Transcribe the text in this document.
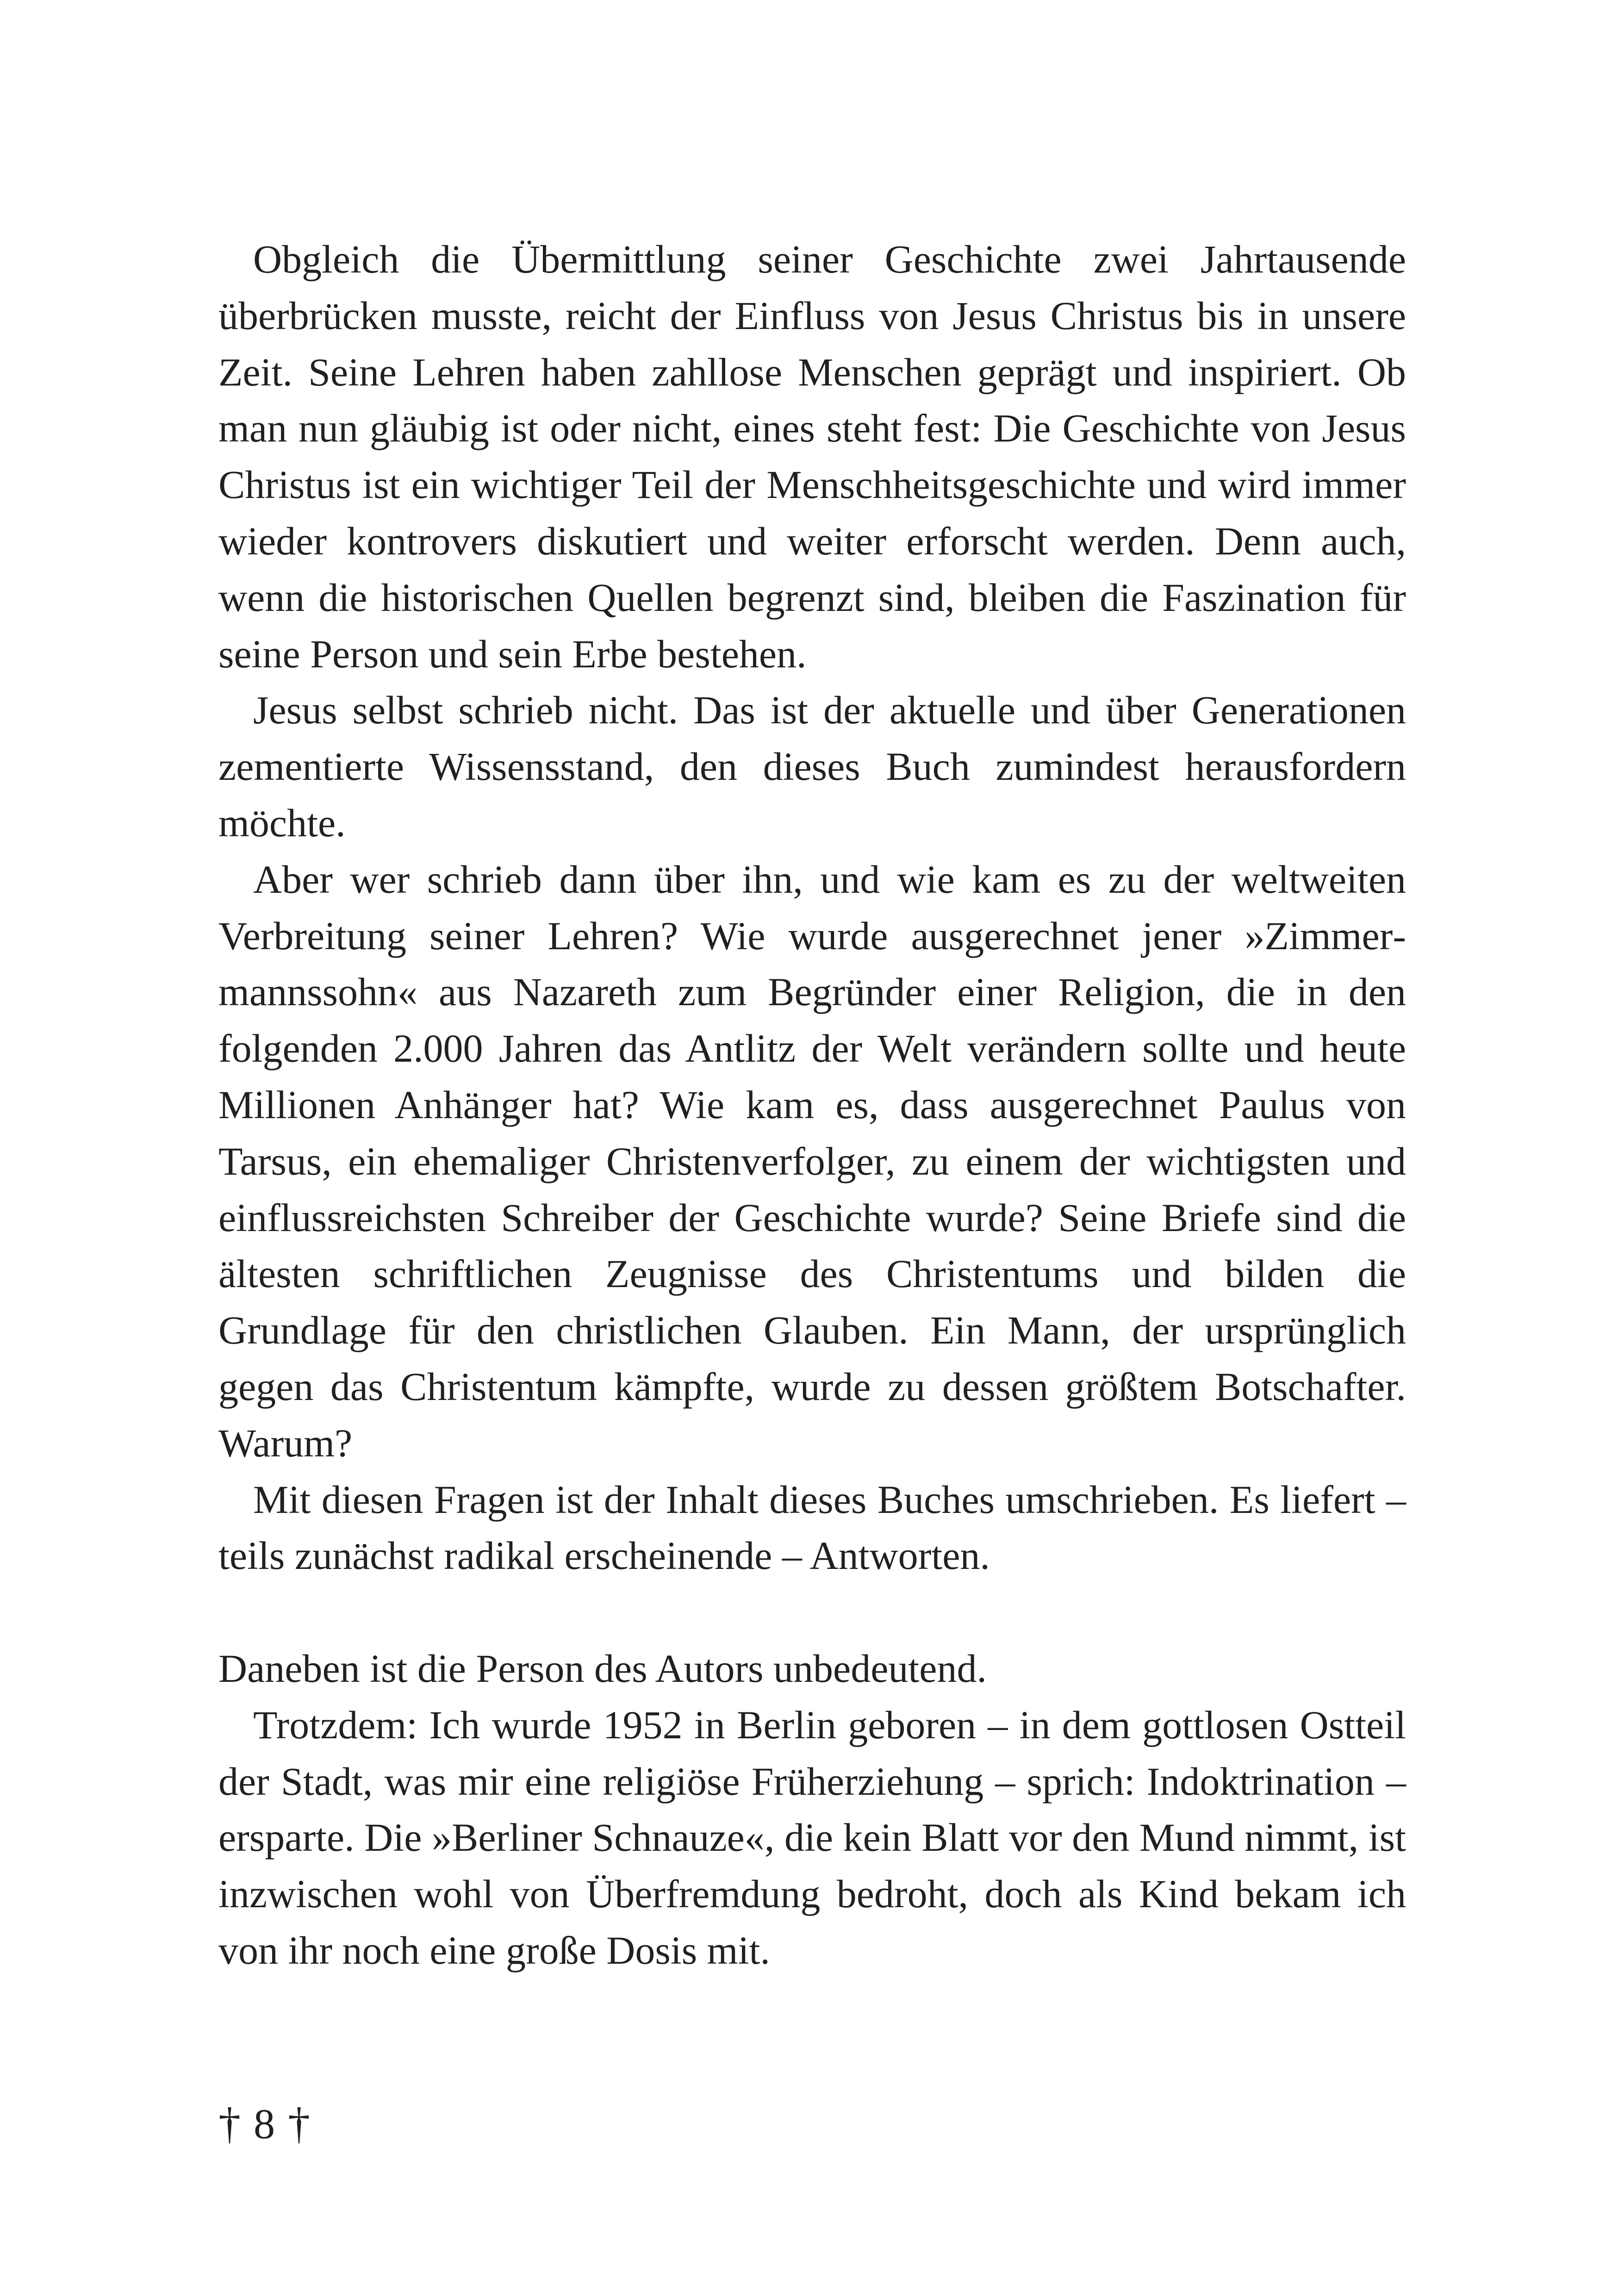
Obgleich die Übermittlung seiner Geschichte zwei Jahrtausende überbrücken musste, reicht der Einfluss von Jesus Christus bis in unsere Zeit. Seine Lehren haben zahllose Menschen geprägt und inspiriert. Ob man nun gläubig ist oder nicht, eines steht fest: Die Geschichte von Jesus Christus ist ein wichtiger Teil der Menschheitsgeschichte und wird immer wieder kontrovers diskutiert und weiter erforscht werden. Denn auch, wenn die historischen Quellen begrenzt sind, bleiben die Faszination für seine Person und sein Erbe bestehen.

Jesus selbst schrieb nicht. Das ist der aktuelle und über Generationen zementierte Wissensstand, den dieses Buch zumindest herausfordern möchte.

Aber wer schrieb dann über ihn, und wie kam es zu der weltweiten Verbreitung seiner Lehren? Wie wurde ausgerechnet jener »Zimmermannssohn« aus Nazareth zum Begründer einer Religion, die in den folgenden 2.000 Jahren das Antlitz der Welt verändern sollte und heute Millionen Anhänger hat? Wie kam es, dass ausgerechnet Paulus von Tarsus, ein ehemaliger Christenverfolger, zu einem der wichtigsten und einflussreichsten Schreiber der Geschichte wurde? Seine Briefe sind die ältesten schriftlichen Zeugnisse des Christentums und bilden die Grundlage für den christlichen Glauben. Ein Mann, der ursprünglich gegen das Christentum kämpfte, wurde zu dessen größtem Botschafter. Warum?

Mit diesen Fragen ist der Inhalt dieses Buches umschrieben. Es liefert – teils zunächst radikal erscheinende – Antworten.

Daneben ist die Person des Autors unbedeutend.

Trotzdem: Ich wurde 1952 in Berlin geboren – in dem gottlosen Ostteil der Stadt, was mir eine religiöse Früherziehung – sprich: Indoktrination – ersparte. Die »Berliner Schnauze«, die kein Blatt vor den Mund nimmt, ist inzwischen wohl von Überfremdung bedroht, doch als Kind bekam ich von ihr noch eine große Dosis mit.

† 8 †
